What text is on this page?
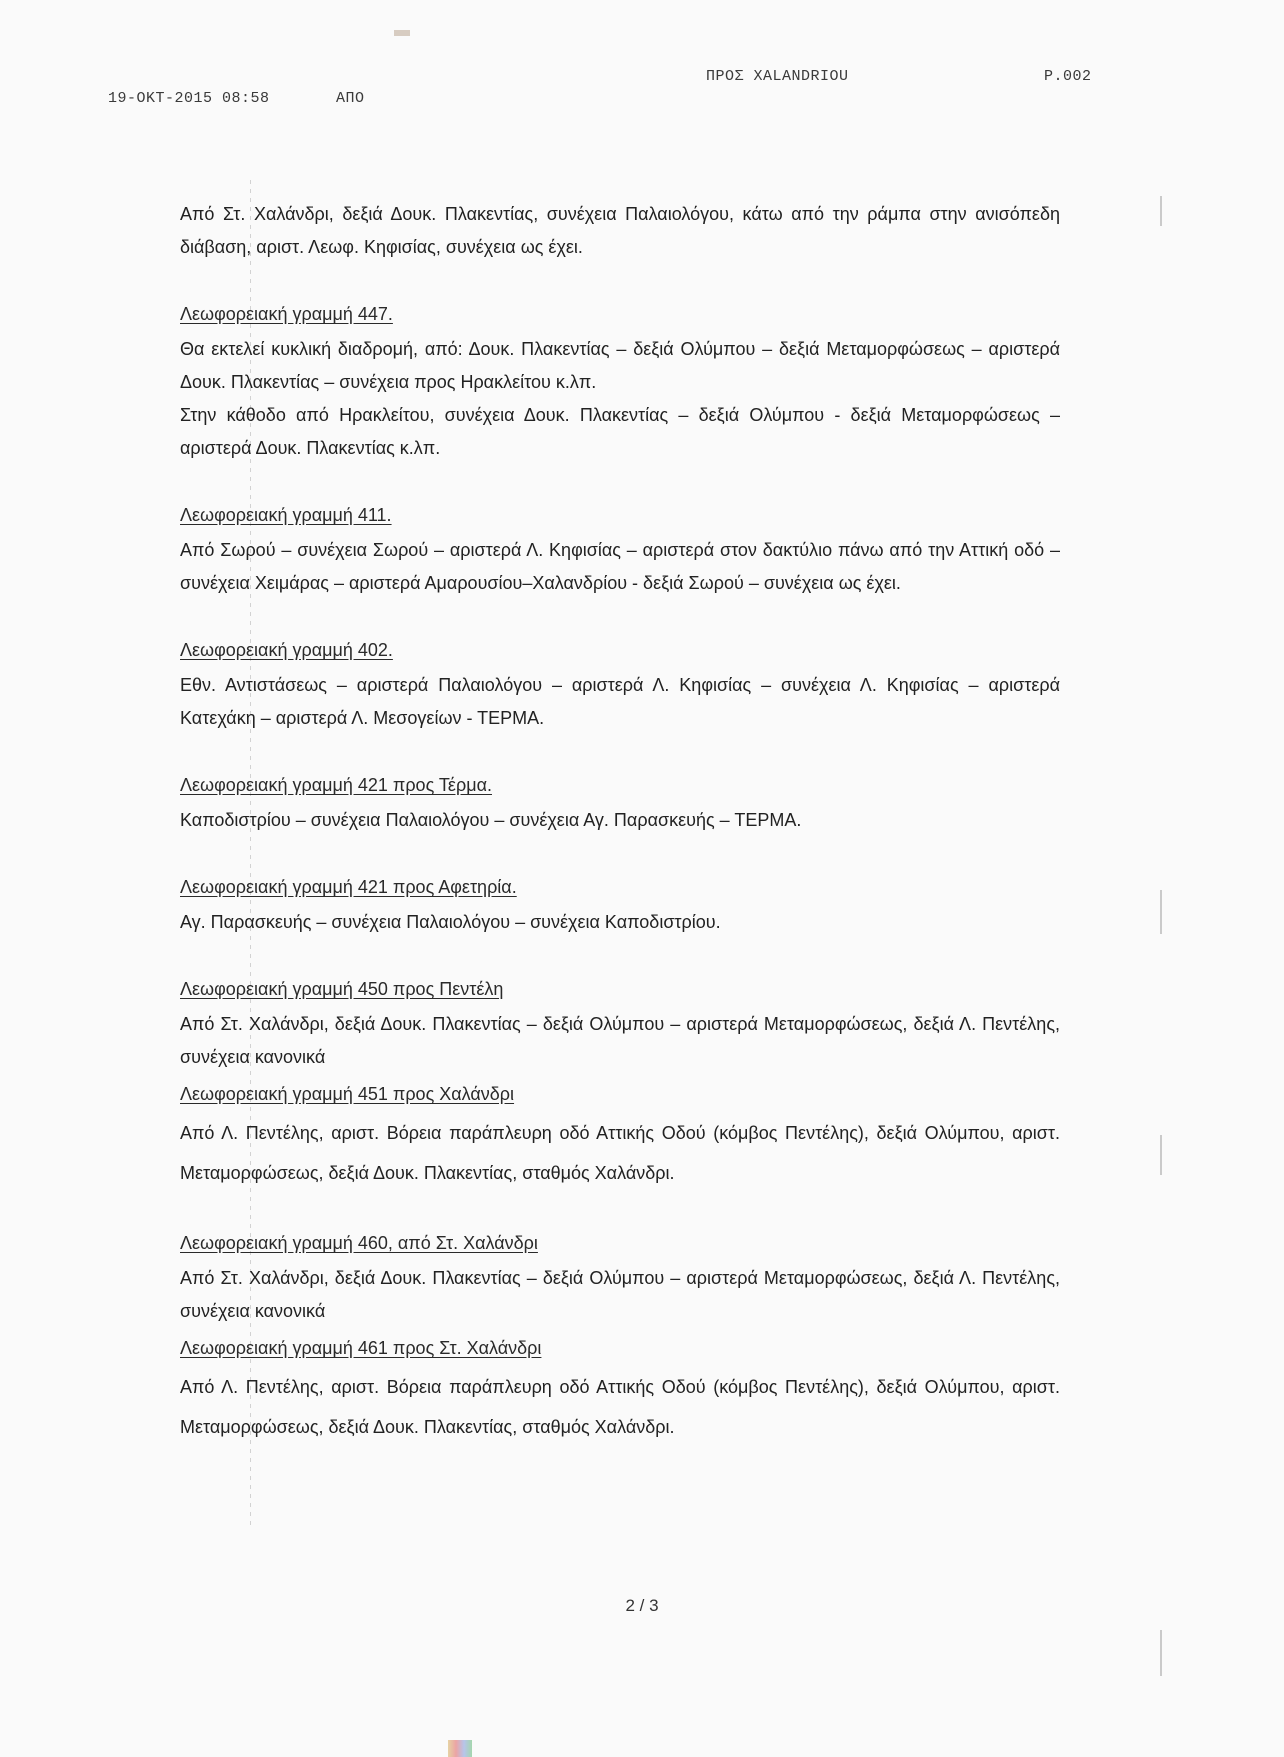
19-ΟΚΤ-2015 08:58	ΑΠΟ
ΠΡΟΣ XALANDRIOU	P.002

Από Στ. Χαλάνδρι, δεξιά Δουκ. Πλακεντίας, συνέχεια Παλαιολόγου, κάτω από την ράμπα στην ανισόπεδη διάβαση, αριστ. Λεωφ. Κηφισίας, συνέχεια ως έχει.

Λεωφορειακή γραμμή 447.

Θα εκτελεί κυκλική διαδρομή, από: Δουκ. Πλακεντίας – δεξιά Ολύμπου – δεξιά Μεταμορφώσεως – αριστερά Δουκ. Πλακεντίας – συνέχεια προς Ηρακλείτου κ.λπ.

Στην κάθοδο από Ηρακλείτου, συνέχεια Δουκ. Πλακεντίας – δεξιά Ολύμπου - δεξιά Μεταμορφώσεως – αριστερά Δουκ. Πλακεντίας κ.λπ.

Λεωφορειακή γραμμή 411.

Από Σωρού – συνέχεια Σωρού – αριστερά Λ. Κηφισίας – αριστερά στον δακτύλιο πάνω από την Αττική οδό – συνέχεια Χειμάρας – αριστερά Αμαρουσίου–Χαλανδρίου - δεξιά Σωρού – συνέχεια ως έχει.

Λεωφορειακή γραμμή 402.

Εθν. Αντιστάσεως – αριστερά Παλαιολόγου – αριστερά Λ. Κηφισίας – συνέχεια Λ. Κηφισίας – αριστερά Κατεχάκη – αριστερά Λ. Μεσογείων - ΤΕΡΜΑ.

Λεωφορειακή γραμμή 421 προς Τέρμα.

Καποδιστρίου – συνέχεια Παλαιολόγου – συνέχεια Αγ. Παρασκευής – ΤΕΡΜΑ.

Λεωφορειακή γραμμή 421 προς Αφετηρία.

Αγ. Παρασκευής – συνέχεια Παλαιολόγου – συνέχεια Καποδιστρίου.

Λεωφορειακή γραμμή 450 προς Πεντέλη

Από Στ. Χαλάνδρι, δεξιά Δουκ. Πλακεντίας – δεξιά Ολύμπου – αριστερά Μεταμορφώσεως, δεξιά Λ. Πεντέλης, συνέχεια κανονικά

Λεωφορειακή γραμμή 451 προς Χαλάνδρι

Από Λ. Πεντέλης, αριστ. Βόρεια παράπλευρη οδό Αττικής Οδού (κόμβος Πεντέλης), δεξιά Ολύμπου, αριστ. Μεταμορφώσεως, δεξιά Δουκ. Πλακεντίας, σταθμός Χαλάνδρι.

Λεωφορειακή γραμμή 460, από Στ. Χαλάνδρι

Από Στ. Χαλάνδρι, δεξιά Δουκ. Πλακεντίας – δεξιά Ολύμπου – αριστερά Μεταμορφώσεως, δεξιά Λ. Πεντέλης, συνέχεια κανονικά

Λεωφορειακή γραμμή 461 προς Στ. Χαλάνδρι

Από Λ. Πεντέλης, αριστ. Βόρεια παράπλευρη οδό Αττικής Οδού (κόμβος Πεντέλης), δεξιά Ολύμπου, αριστ. Μεταμορφώσεως, δεξιά Δουκ. Πλακεντίας, σταθμός Χαλάνδρι.

2 / 3
